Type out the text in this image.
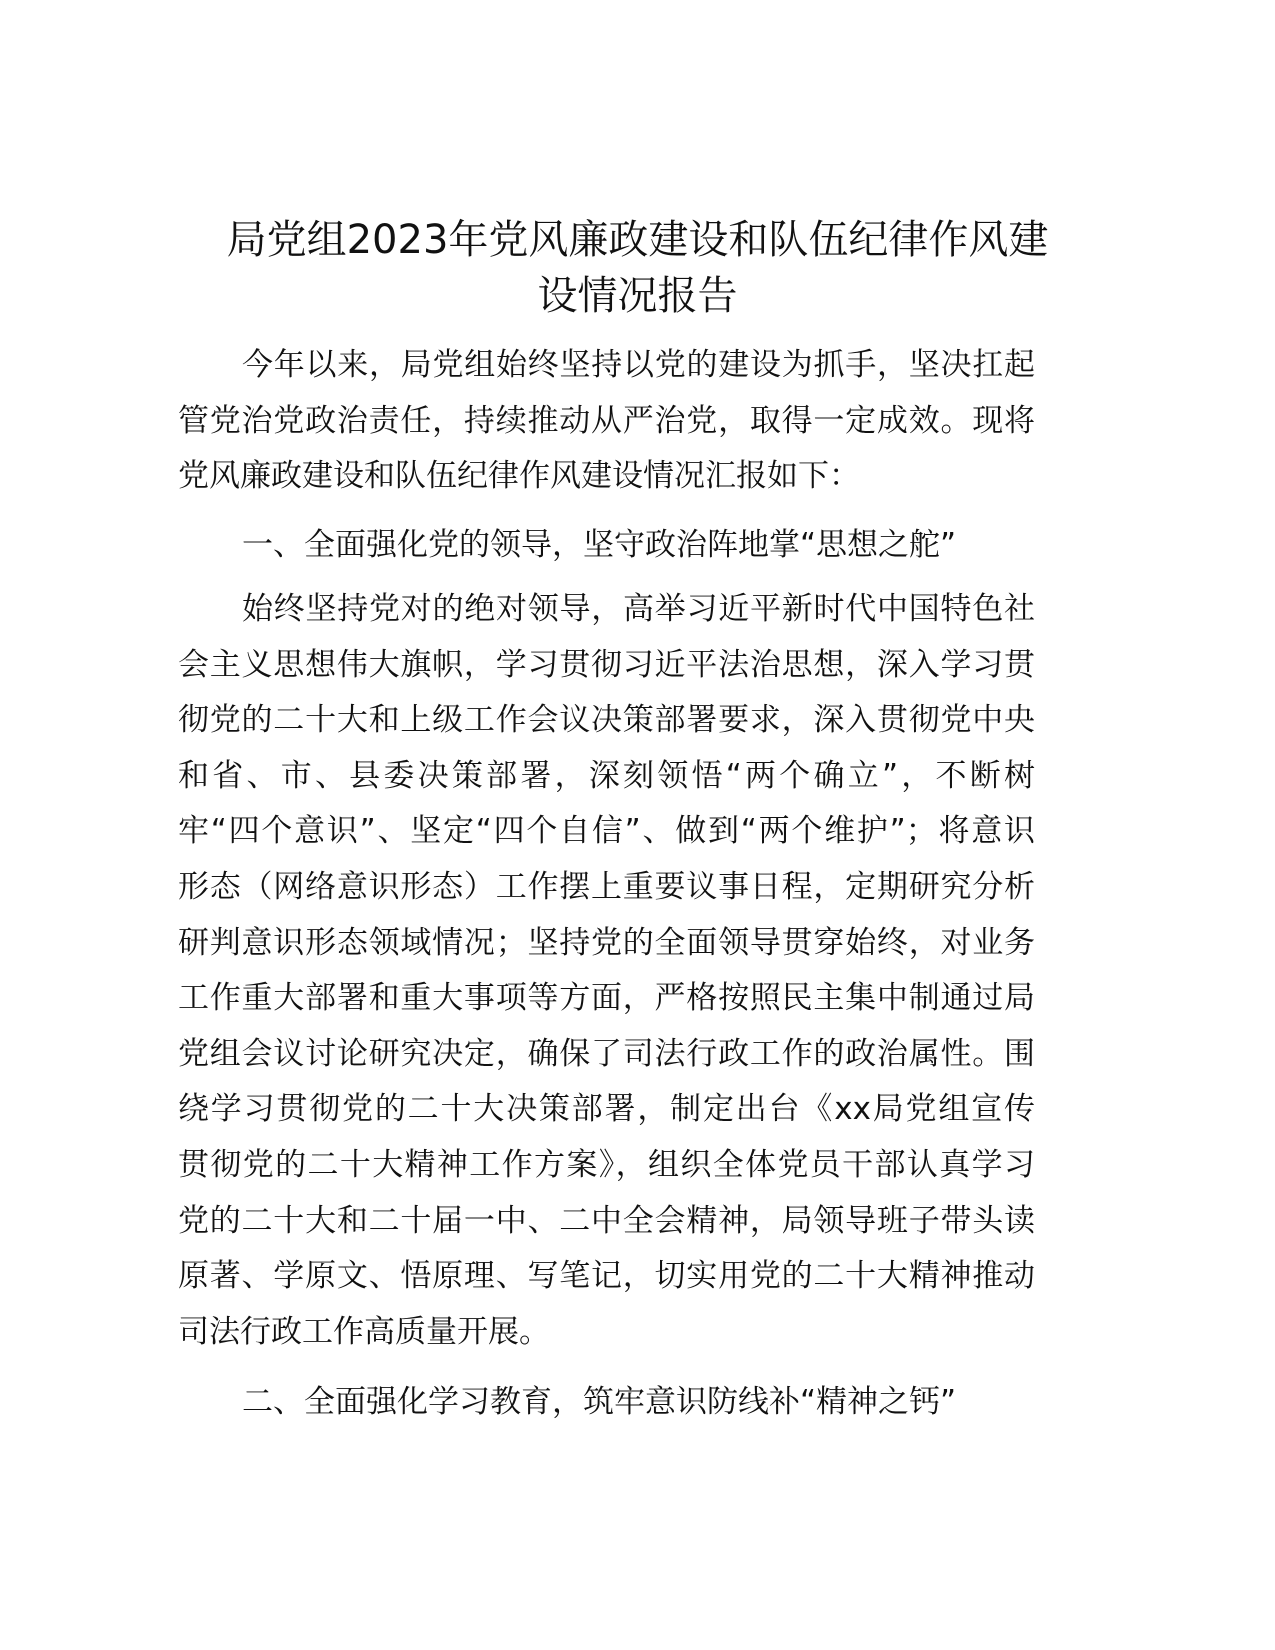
局党组2023年党风廉政建设和队伍纪律作风建
设情况报告
今年以来，局党组始终坚持以党的建设为抓手，坚决扛起
管党治党政治责任，持续推动从严治党，取得一定成效。现将
党风廉政建设和队伍纪律作风建设情况汇报如下：
一、全面强化党的领导，坚守政治阵地掌“思想之舵”
始终坚持党对的绝对领导，高举习近平新时代中国特色社
会主义思想伟大旗帜，学习贯彻习近平法治思想，深入学习贯
彻党的二十大和上级工作会议决策部署要求，深入贯彻党中央
和省、市、县委决策部署，深刻领悟“两个确立”，不断树
牢“四个意识”、坚定“四个自信”、做到“两个维护”；将意识
形态（网络意识形态）工作摆上重要议事日程，定期研究分析
研判意识形态领域情况；坚持党的全面领导贯穿始终，对业务
工作重大部署和重大事项等方面，严格按照民主集中制通过局
党组会议讨论研究决定，确保了司法行政工作的政治属性。围
绕学习贯彻党的二十大决策部署，制定出台《xx局党组宣传
贯彻党的二十大精神工作方案》，组织全体党员干部认真学习
党的二十大和二十届一中、二中全会精神，局领导班子带头读
原著、学原文、悟原理、写笔记，切实用党的二十大精神推动
司法行政工作高质量开展。
二、全面强化学习教育，筑牢意识防线补“精神之钙”
